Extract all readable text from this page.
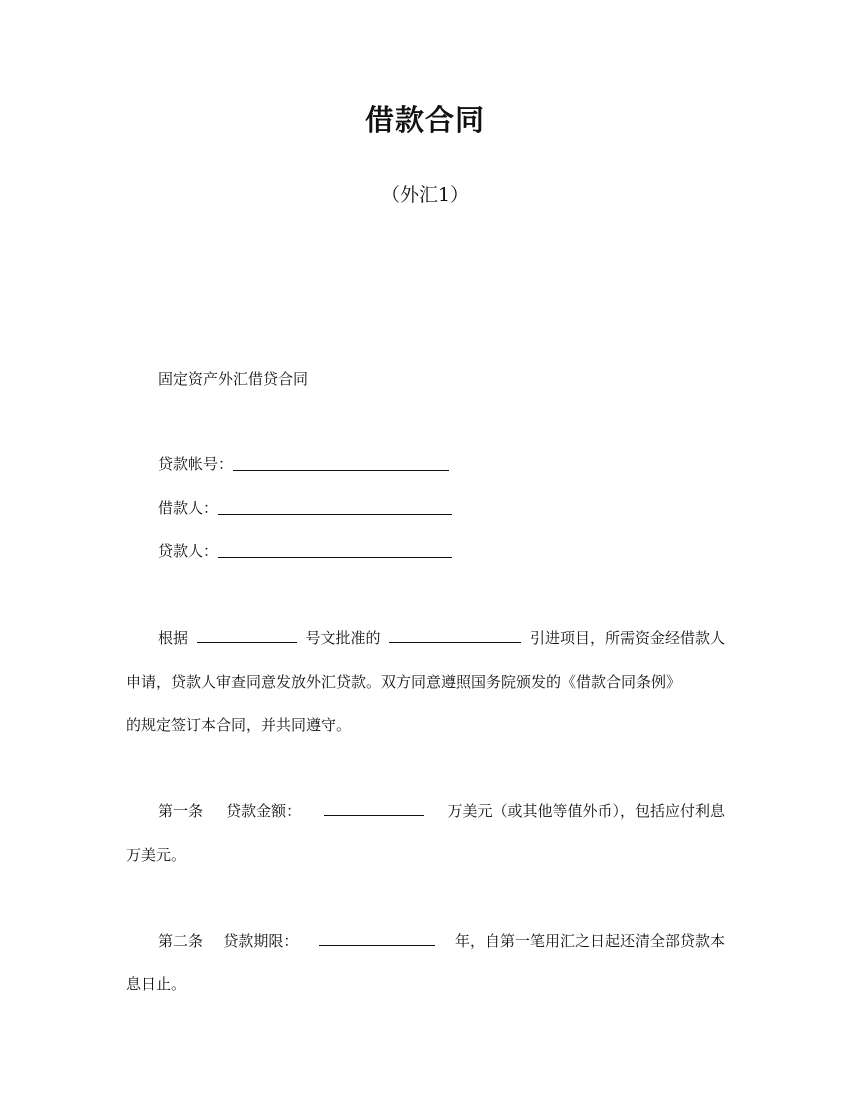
借款合同
（外汇1）
固定资产外汇借贷合同
贷款帐号：
借款人：
贷款人：
根据	号文批准的	引进项目，所需资金经借款人
申请，贷款人审查同意发放外汇贷款。双方同意遵照国务院颁发的《借款合同条例》
的规定签订本合同，并共同遵守。
第一条 贷款金额：	万美元（或其他等值外币），包括应付利息
万美元。
第二条 贷款期限：	年，自第一笔用汇之日起还清全部贷款本
息日止。
